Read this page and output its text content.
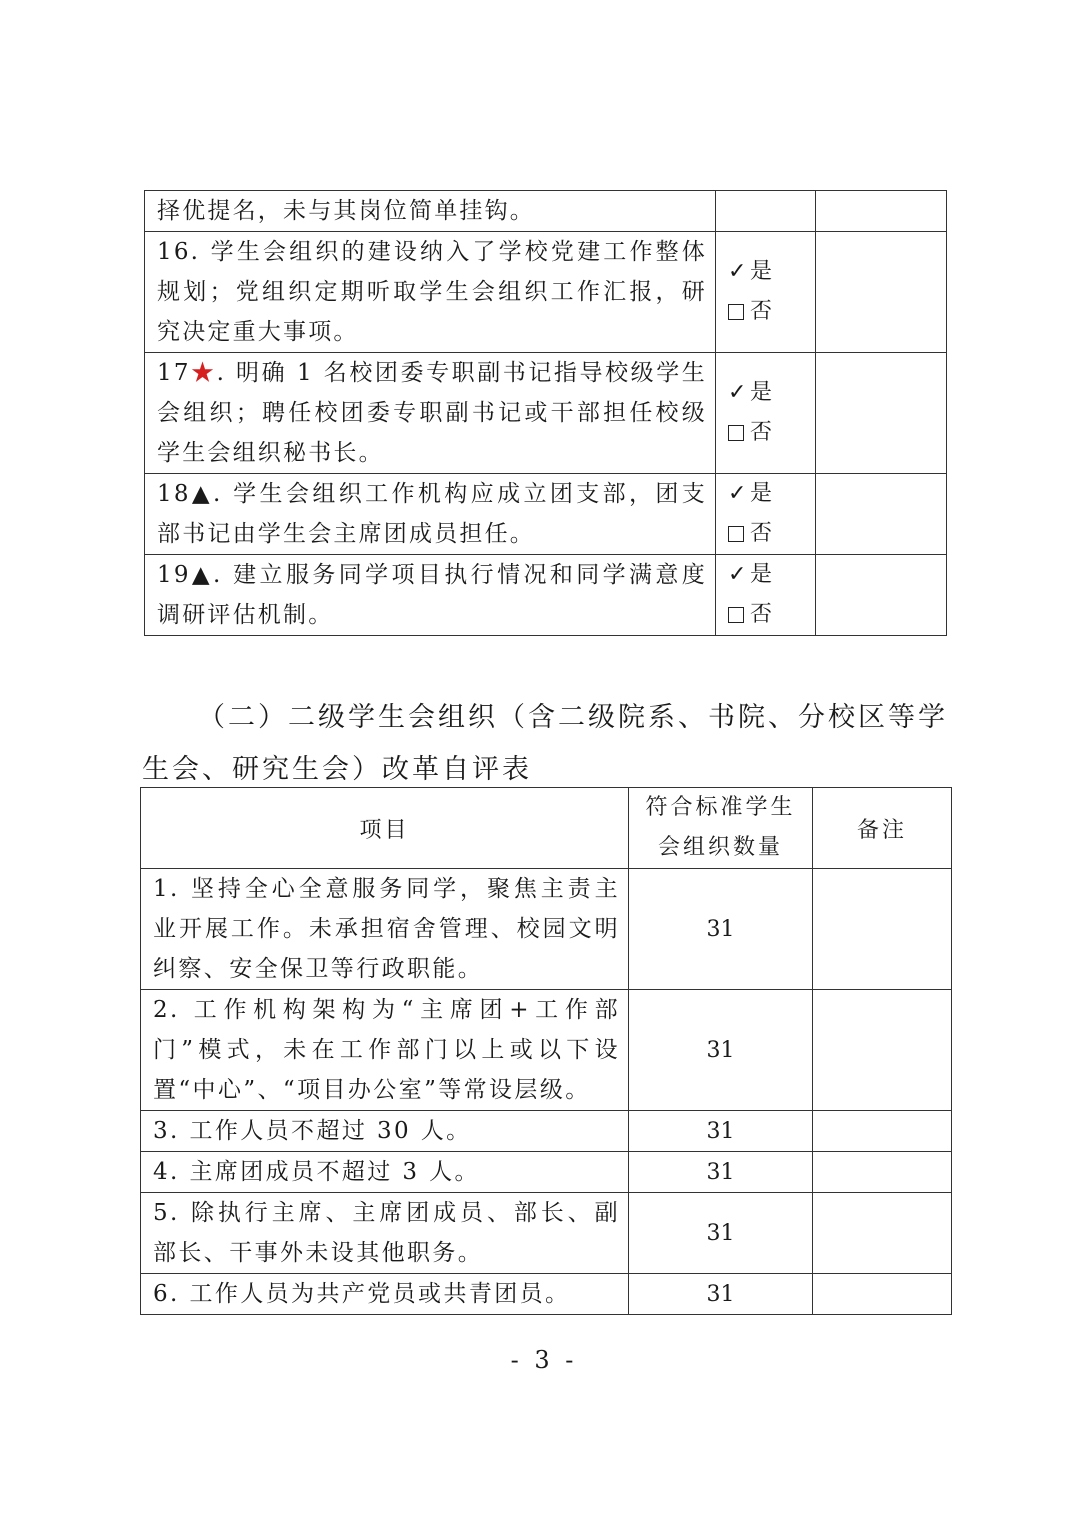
择优提名，未与其岗位简单挂钩。		
16. 学生会组织的建设纳入了学校党建工作整体规划；党组织定期听取学生会组织工作汇报，研究决定重大事项。	✓ 是
否	

17★. 明确 1 名校团委专职副书记指导校级学生会组织；聘任校团委专职副书记或干部担任校级学生会组织秘书长。	✓ 是
否	

18▲. 学生会组织工作机构应成立团支部，团支部书记由学生会主席团成员担任。	✓ 是
否	

19▲. 建立服务同学项目执行情况和同学满意度调研评估机制。	✓ 是
否	

（二）二级学生会组织（含二级院系、书院、分校区等学生会、研究生会）改革自评表
项目	符合标准学生会组织数量	备注
1. 坚持全心全意服务同学，聚焦主责主业开展工作。未承担宿舍管理、校园文明纠察、安全保卫等行政职能。	31	
2. 工作机构架构为“主席团+工作部门”模式，未在工作部门以上或以下设置“中心”、“项目办公室”等常设层级。	31	
3. 工作人员不超过 30 人。	31	
4. 主席团成员不超过 3 人。	31	
5. 除执行主席、主席团成员、部长、副部长、干事外未设其他职务。	31	
6. 工作人员为共产党员或共青团员。	31	
- 3 -
